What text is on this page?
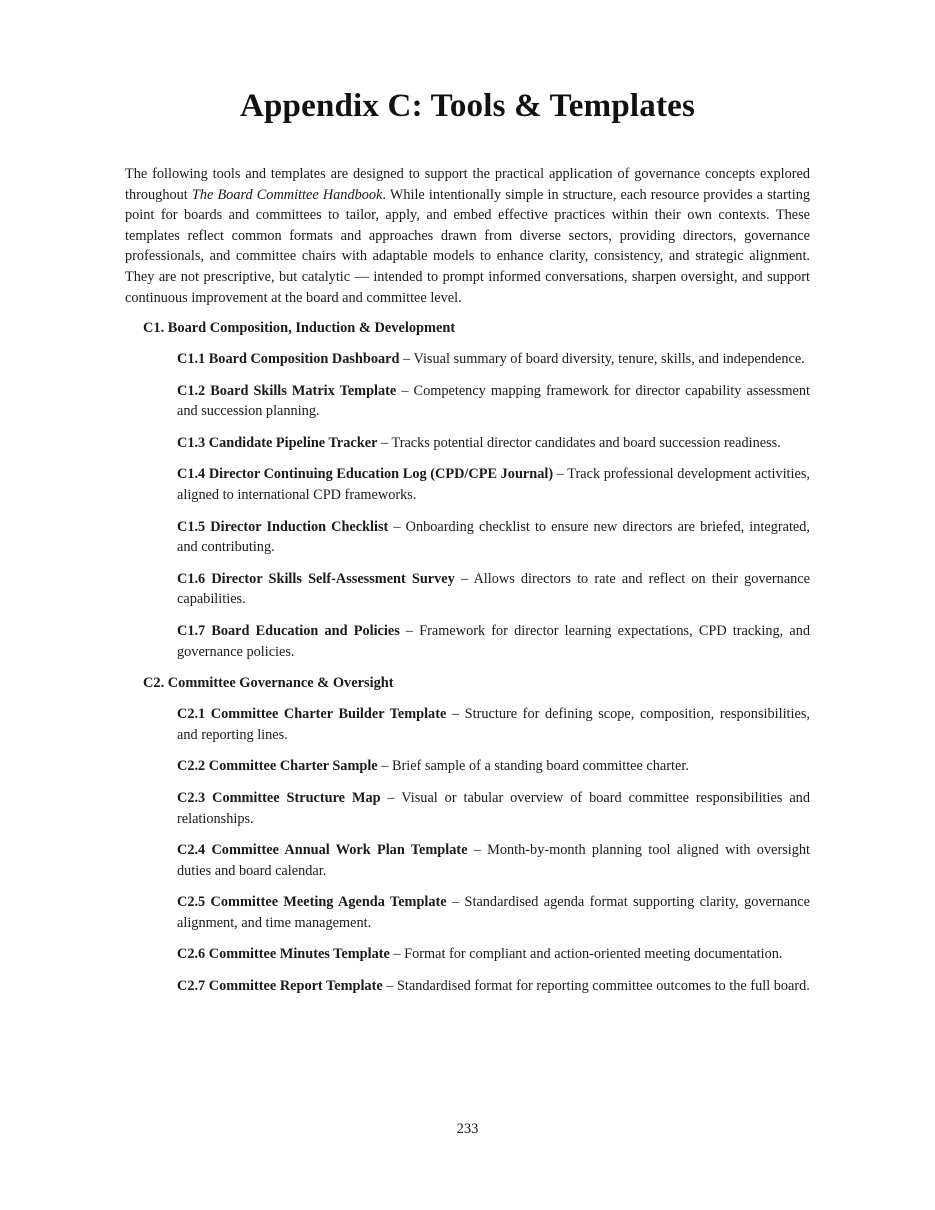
Appendix C: Tools & Templates

The following tools and templates are designed to support the practical application of governance concepts explored throughout The Board Committee Handbook. While intentionally simple in structure, each resource provides a starting point for boards and committees to tailor, apply, and embed effective practices within their own contexts. These templates reflect common formats and approaches drawn from diverse sectors, providing directors, governance professionals, and committee chairs with adaptable models to enhance clarity, consistency, and strategic alignment. They are not prescriptive, but catalytic — intended to prompt informed conversations, sharpen oversight, and support continuous improvement at the board and committee level.

C1. Board Composition, Induction & Development

C1.1 Board Composition Dashboard – Visual summary of board diversity, tenure, skills, and independence.

C1.2 Board Skills Matrix Template – Competency mapping framework for director capability assessment and succession planning.

C1.3 Candidate Pipeline Tracker – Tracks potential director candidates and board succession readiness.

C1.4 Director Continuing Education Log (CPD/CPE Journal) – Track professional development activities, aligned to international CPD frameworks.

C1.5 Director Induction Checklist – Onboarding checklist to ensure new directors are briefed, integrated, and contributing.

C1.6 Director Skills Self-Assessment Survey – Allows directors to rate and reflect on their governance capabilities.

C1.7 Board Education and Policies – Framework for director learning expectations, CPD tracking, and governance policies.

C2. Committee Governance & Oversight

C2.1 Committee Charter Builder Template – Structure for defining scope, composition, responsibilities, and reporting lines.

C2.2 Committee Charter Sample – Brief sample of a standing board committee charter.

C2.3 Committee Structure Map – Visual or tabular overview of board committee responsibilities and relationships.

C2.4 Committee Annual Work Plan Template – Month-by-month planning tool aligned with oversight duties and board calendar.

C2.5 Committee Meeting Agenda Template – Standardised agenda format supporting clarity, governance alignment, and time management.

C2.6 Committee Minutes Template – Format for compliant and action-oriented meeting documentation.

C2.7 Committee Report Template – Standardised format for reporting committee outcomes to the full board.

233
